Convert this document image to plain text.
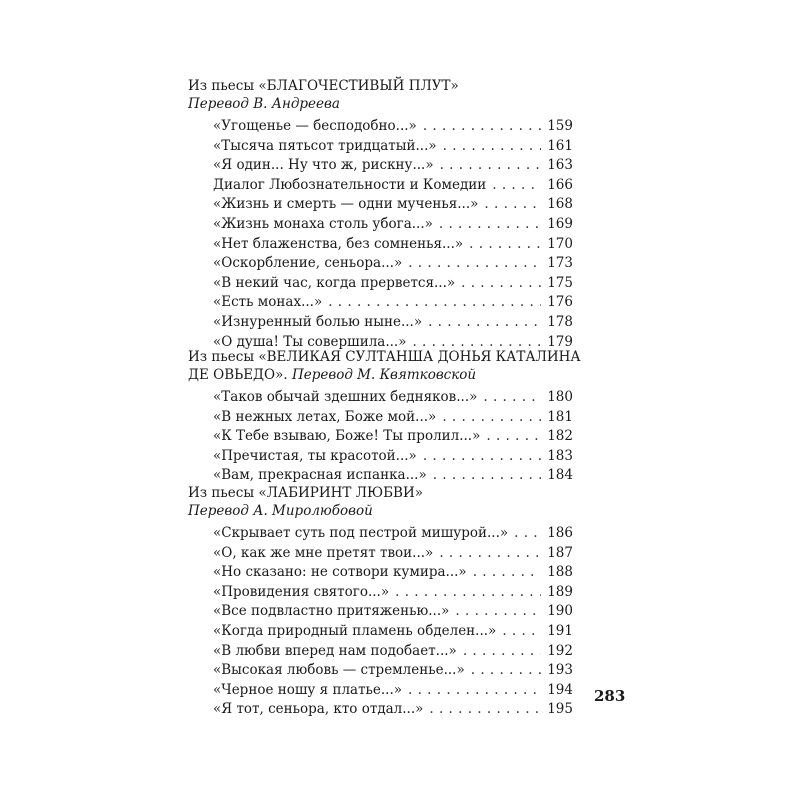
Из пьесы «БЛАГОЧЕСТИВЫЙ ПЛУТ»
Перевод В. Андреева
«Угощенье — бесподобно...» . . .	159
«Тысяча пятьсот тридцатый...» . . .	161
«Я один... Ну что ж, рискну...» . . .	163
Диалог Любознательности и Комедии . . .	166
«Жизнь и смерть — одни мученья...» . . .	168
«Жизнь монаха столь убога...» . . .	169
«Нет блаженства, без сомненья...» . . .	170
«Оскорбление, сеньора...» . . .	173
«В некий час, когда прервется...» . . .	175
«Есть монах...» . . .	176
«Изнуренный болью ныне...» . . .	178
«О душа! Ты совершила...» . . .	179
Из пьесы «ВЕЛИКАЯ СУЛТАНША ДОНЬЯ КАТАЛИНА
ДЕ ОВЬЕДО». Перевод М. Квятковской
«Таков обычай здешних бедняков...» . . .	180
«В нежных летах, Боже мой...» . . .	181
«К Тебе взываю, Боже! Ты пролил...» . . .	182
«Пречистая, ты красотой...» . . .	183
«Вам, прекрасная испанка...» . . .	184
Из пьесы «ЛАБИРИНТ ЛЮБВИ»
Перевод А. Миролюбовой
«Скрывает суть под пестрой мишурой...» . . .	186
«О, как же мне претят твои...» . . .	187
«Но сказано: не сотвори кумира...» . . .	188
«Провидения святого...» . . .	189
«Все подвластно притяженью...» . . .	190
«Когда природный пламень обделен...» . . .	191
«В любви вперед нам подобает...» . . .	192
«Высокая любовь — стремленье...» . . .	193
«Черное ношу я платье...» . . .	194
«Я тот, сеньора, кто отдал...» . . .	195
283
